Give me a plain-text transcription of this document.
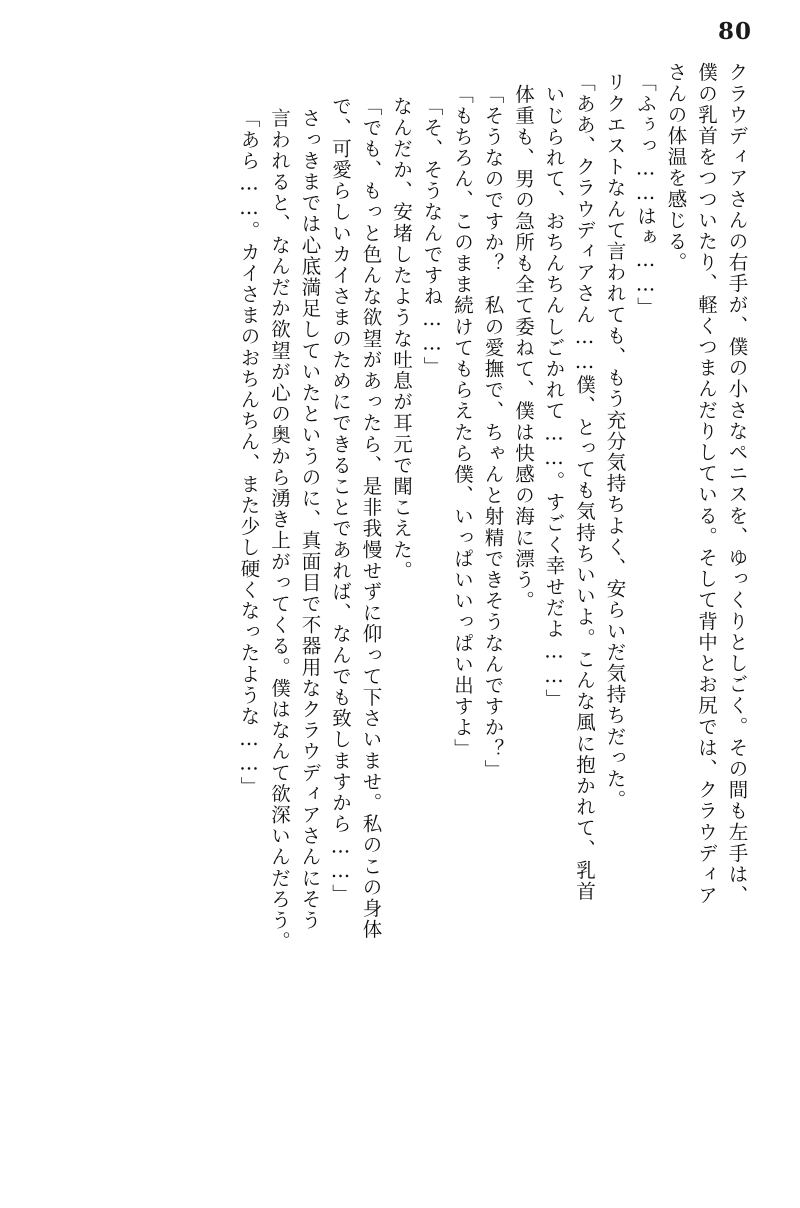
80
クラウディアさんの右手が、僕の小さなペニスを、ゆっくりとしごく。その間も左手は、
僕の乳首をつついたり、軽くつまんだりしている。そして背中とお尻では、クラウディア
さんの体温を感じる。
「ふぅっ……はぁ……」
リクエストなんて言われても、もう充分気持ちよく、安らいだ気持ちだった。
「ああ、クラウディアさん……僕、とっても気持ちいいよ。こんな風に抱かれて、乳首
いじられて、おちんちんしごかれて……。すごく幸せだよ……」
体重も、男の急所も全て委ねて、僕は快感の海に漂う。
「そうなのですか？　私の愛撫で、ちゃんと射精できそうなんですか？」
「もちろん、このまま続けてもらえたら僕、いっぱいいっぱい出すよ」
「そ、そうなんですね……」
なんだか、安堵したような吐息が耳元で聞こえた。
「でも、もっと色んな欲望があったら、是非我慢せずに仰って下さいませ。私のこの身体
で、可愛らしいカイさまのためにできることであれば、なんでも致しますから……」
さっきまでは心底満足していたというのに、真面目で不器用なクラウディアさんにそう
言われると、なんだか欲望が心の奥から湧き上がってくる。僕はなんて欲深いんだろう。
「あら……。カイさまのおちんちん、また少し硬くなったような……」
